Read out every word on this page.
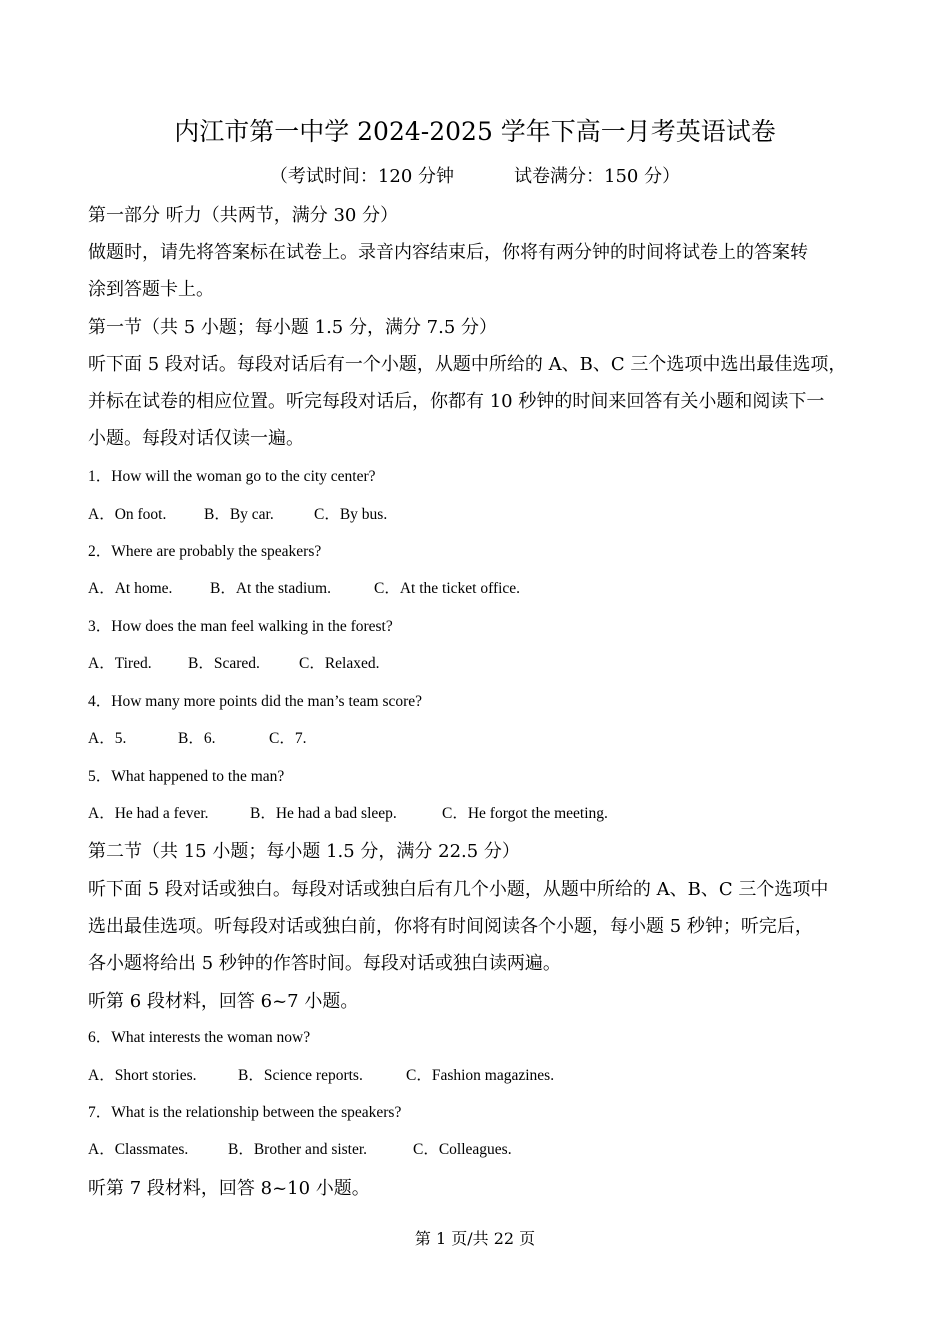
内江市第一中学 2024-2025 学年下高一月考英语试卷
（考试时间：120 分钟	试卷满分：150 分）
第一部分 听力（共两节，满分 30 分）
做题时，请先将答案标在试卷上。录音内容结束后，你将有两分钟的时间将试卷上的答案转
涂到答题卡上。
第一节（共 5 小题；每小题 1.5 分，满分 7.5 分）
听下面 5 段对话。每段对话后有一个小题，从题中所给的 A、B、C 三个选项中选出最佳选项，
并标在试卷的相应位置。听完每段对话后，你都有 10 秒钟的时间来回答有关小题和阅读下一
小题。每段对话仅读一遍。
1．How will the woman go to the city center?
A．On foot. B．By car.	C．By bus.
2．Where are probably the speakers?
A．At home. B．At the stadium.	C．At the ticket office.
3．How does the man feel walking in the forest?
A．Tired. B．Scared.	C．Relaxed.
4．How many more points did the man’s team score?
A．5.	B．6.	C．7.
5．What happened to the man?
A．He had a fever.	B．He had a bad sleep.	C．He forgot the meeting.
第二节（共 15 小题；每小题 1.5 分，满分 22.5 分）
听下面 5 段对话或独白。每段对话或独白后有几个小题，从题中所给的 A、B、C 三个选项中
选出最佳选项。听每段对话或独白前，你将有时间阅读各个小题，每小题 5 秒钟；听完后，
各小题将给出 5 秒钟的作答时间。每段对话或独白读两遍。
听第 6 段材料，回答 6~7 小题。
6．What interests the woman now?
A．Short stories.	B．Science reports.	C．Fashion magazines.
7．What is the relationship between the speakers?
A．Classmates.	B．Brother and sister.	C．Colleagues.
听第 7 段材料，回答 8~10 小题。
第 1 页/共 22 页
